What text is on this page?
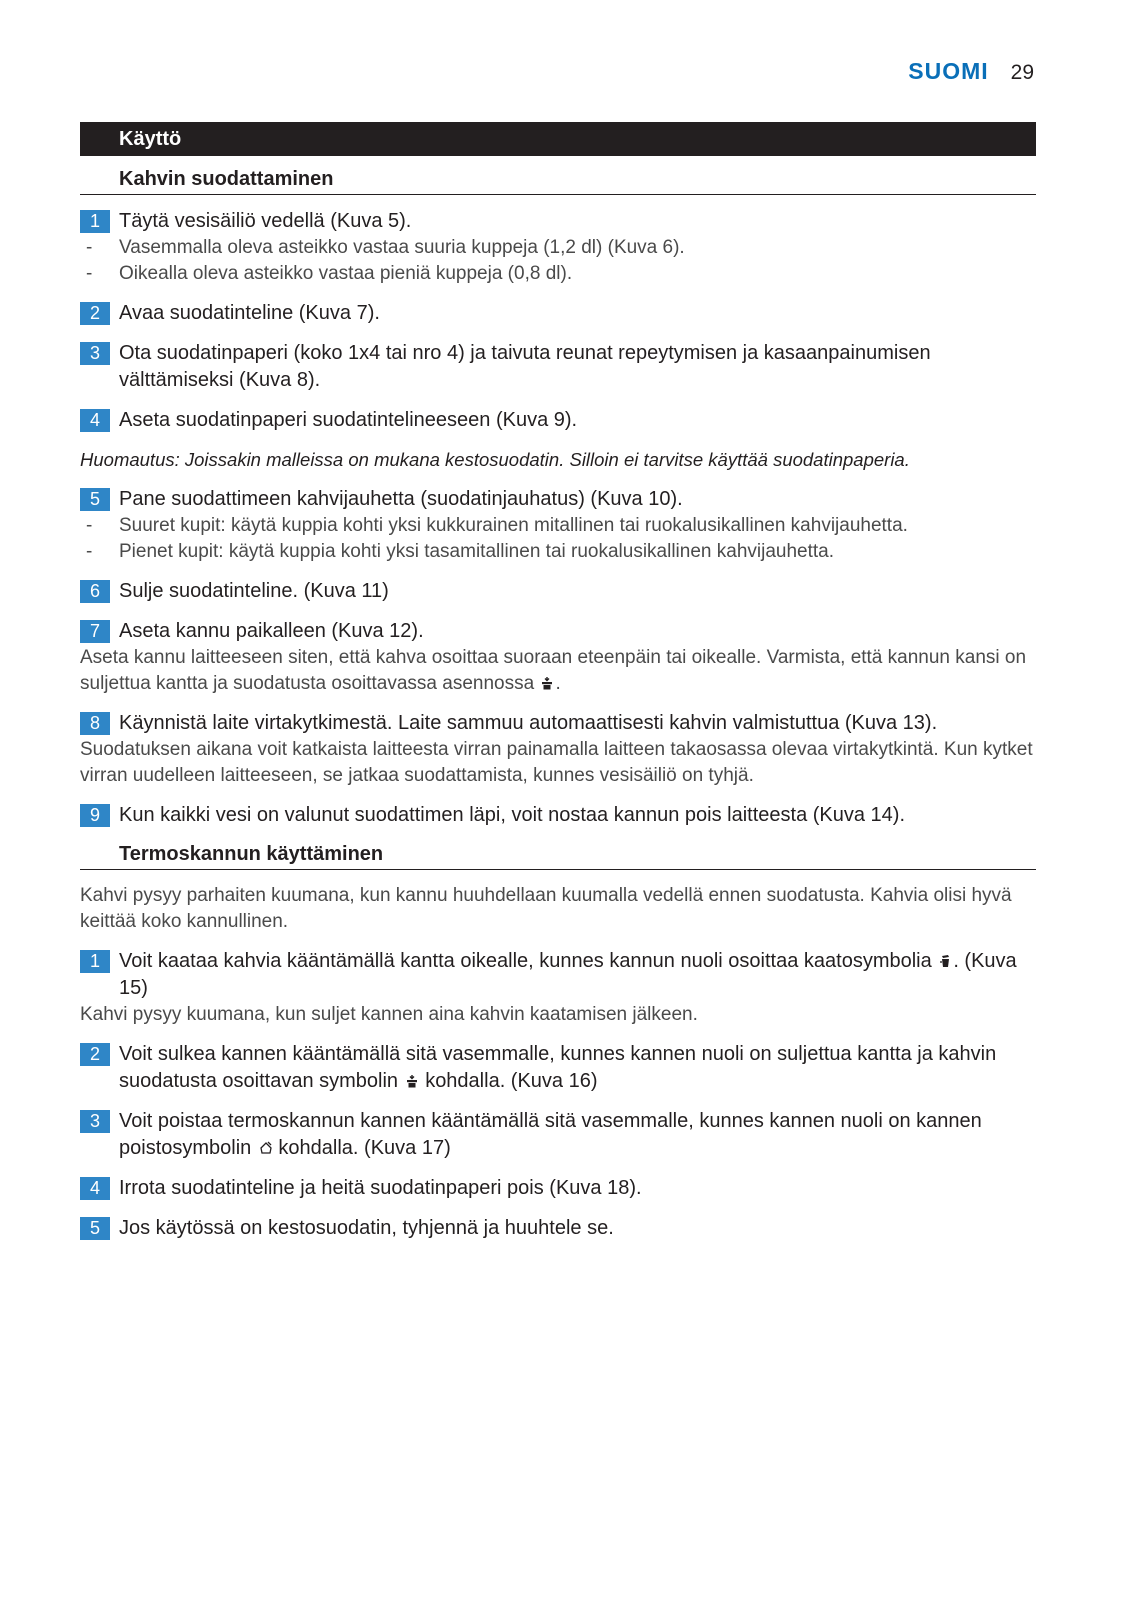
SUOMI 29
Käyttö
Kahvin suodattaminen
1 Täytä vesisäiliö vedellä (Kuva 5).
- Vasemmalla oleva asteikko vastaa suuria kuppeja (1,2 dl) (Kuva 6).
- Oikealla oleva asteikko vastaa pieniä kuppeja (0,8 dl).
2 Avaa suodatinteline (Kuva 7).
3 Ota suodatinpaperi (koko 1x4 tai nro 4) ja taivuta reunat repeytymisen ja kasaanpainumisen välttämiseksi (Kuva 8).
4 Aseta suodatinpaperi suodatintelineeseen (Kuva 9).
Huomautus: Joissakin malleissa on mukana kestosuodatin. Silloin ei tarvitse käyttää suodatinpaperia.
5 Pane suodattimeen kahvijauhetta (suodatinjauhatus) (Kuva 10).
- Suuret kupit: käytä kuppia kohti yksi kukkurainen mitallinen tai ruokalusikallinen kahvijauhetta.
- Pienet kupit: käytä kuppia kohti yksi tasamitallinen tai ruokalusikallinen kahvijauhetta.
6 Sulje suodatinteline. (Kuva 11)
7 Aseta kannu paikalleen (Kuva 12).
Aseta kannu laitteeseen siten, että kahva osoittaa suoraan eteenpäin tai oikealle. Varmista, että kannun kansi on suljettua kantta ja suodatusta osoittavassa asennossa .
8 Käynnistä laite virtakytkimestä. Laite sammuu automaattisesti kahvin valmistuttua (Kuva 13).
Suodatuksen aikana voit katkaista laitteesta virran painamalla laitteen takaosassa olevaa virtakytkintä. Kun kytket virran uudelleen laitteeseen, se jatkaa suodattamista, kunnes vesisäiliö on tyhjä.
9 Kun kaikki vesi on valunut suodattimen läpi, voit nostaa kannun pois laitteesta (Kuva 14).
Termoskannun käyttäminen
Kahvi pysyy parhaiten kuumana, kun kannu huuhdellaan kuumalla vedellä ennen suodatusta. Kahvia olisi hyvä keittää koko kannullinen.
1 Voit kaataa kahvia kääntämällä kantta oikealle, kunnes kannun nuoli osoittaa kaatosymbolia . (Kuva 15)
Kahvi pysyy kuumana, kun suljet kannen aina kahvin kaatamisen jälkeen.
2 Voit sulkea kannen kääntämällä sitä vasemmalle, kunnes kannen nuoli on suljettua kantta ja kahvin suodatusta osoittavan symbolin kohdalla. (Kuva 16)
3 Voit poistaa termoskannun kannen kääntämällä sitä vasemmalle, kunnes kannen nuoli on kannen poistosymbolin kohdalla. (Kuva 17)
4 Irrota suodatinteline ja heitä suodatinpaperi pois (Kuva 18).
5 Jos käytössä on kestosuodatin, tyhjennä ja huuhtele se.
